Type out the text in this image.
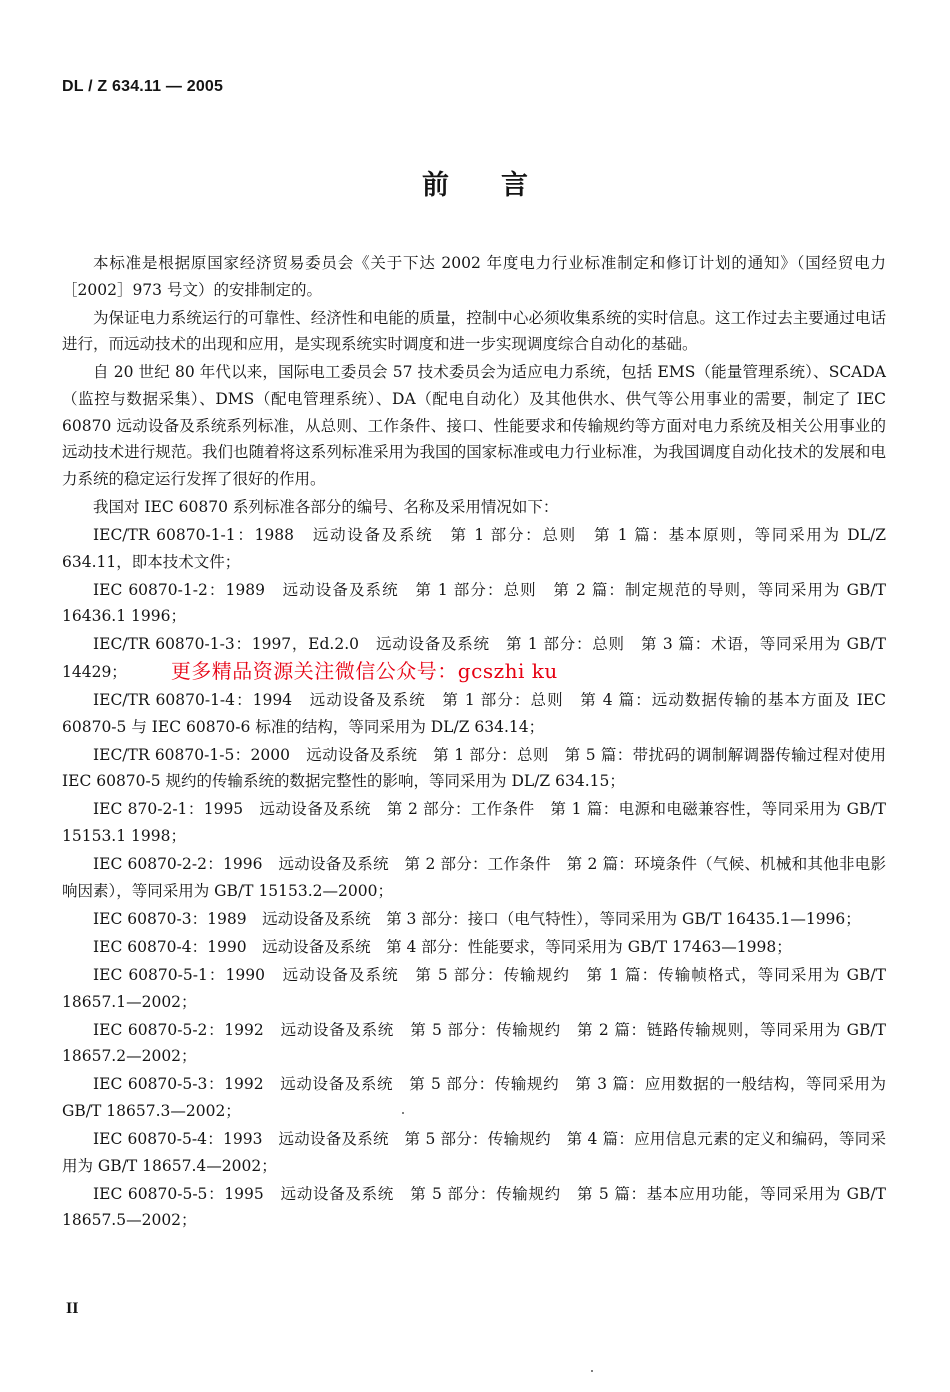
DL / Z 634.11 — 2005
前言

本标准是根据原国家经济贸易委员会《关于下达 2002 年度电力行业标准制定和修订计划的通知》（国经贸电力［2002］973 号文）的安排制定的。

为保证电力系统运行的可靠性、经济性和电能的质量，控制中心必须收集系统的实时信息。这工作过去主要通过电话进行，而远动技术的出现和应用，是实现系统实时调度和进一步实现调度综合自动化的基础。

自 20 世纪 80 年代以来，国际电工委员会 57 技术委员会为适应电力系统，包括 EMS（能量管理系统）、SCADA（监控与数据采集）、DMS（配电管理系统）、DA（配电自动化）及其他供水、供气等公用事业的需要，制定了 IEC 60870 远动设备及系统系列标准，从总则、工作条件、接口、性能要求和传输规约等方面对电力系统及相关公用事业的远动技术进行规范。我们也随着将这系列标准采用为我国的国家标准或电力行业标准，为我国调度自动化技术的发展和电力系统的稳定运行发挥了很好的作用。

我国对 IEC 60870 系列标准各部分的编号、名称及采用情况如下：

IEC/TR 60870-1-1：1988　远动设备及系统　第 1 部分：总则　第 1 篇：基本原则，等同采用为 DL/Z 634.11，即本技术文件；

IEC 60870-1-2：1989　远动设备及系统　第 1 部分：总则　第 2 篇：制定规范的导则，等同采用为 GB/T 16436.1 1996；

IEC/TR 60870-1-3：1997，Ed.2.0　远动设备及系统　第 1 部分：总则　第 3 篇：术语，等同采用为 GB/T 14429； 更多精品资源关注微信公众号：gcszhi ku

IEC/TR 60870-1-4：1994　远动设备及系统　第 1 部分：总则　第 4 篇：远动数据传输的基本方面及 IEC 60870-5 与 IEC 60870-6 标准的结构，等同采用为 DL/Z 634.14；

IEC/TR 60870-1-5：2000　远动设备及系统　第 1 部分：总则　第 5 篇：带扰码的调制解调器传输过程对使用 IEC 60870-5 规约的传输系统的数据完整性的影响，等同采用为 DL/Z 634.15；

IEC 870-2-1：1995　远动设备及系统　第 2 部分：工作条件　第 1 篇：电源和电磁兼容性，等同采用为 GB/T 15153.1 1998；

IEC 60870-2-2：1996　远动设备及系统　第 2 部分：工作条件　第 2 篇：环境条件（气候、机械和其他非电影响因素），等同采用为 GB/T 15153.2—2000；

IEC 60870-3：1989　远动设备及系统　第 3 部分：接口（电气特性），等同采用为 GB/T 16435.1—1996；

IEC 60870-4：1990　远动设备及系统　第 4 部分：性能要求，等同采用为 GB/T 17463—1998；

IEC 60870-5-1：1990　远动设备及系统　第 5 部分：传输规约　第 1 篇：传输帧格式，等同采用为 GB/T 18657.1—2002；

IEC 60870-5-2：1992　远动设备及系统　第 5 部分：传输规约　第 2 篇：链路传输规则，等同采用为 GB/T 18657.2—2002；

IEC 60870-5-3：1992　远动设备及系统　第 5 部分：传输规约　第 3 篇：应用数据的一般结构，等同采用为 GB/T 18657.3—2002；

IEC 60870-5-4：1993　远动设备及系统　第 5 部分：传输规约　第 4 篇：应用信息元素的定义和编码，等同采用为 GB/T 18657.4—2002；

IEC 60870-5-5：1995　远动设备及系统　第 5 部分：传输规约　第 5 篇：基本应用功能，等同采用为 GB/T 18657.5—2002；

II
